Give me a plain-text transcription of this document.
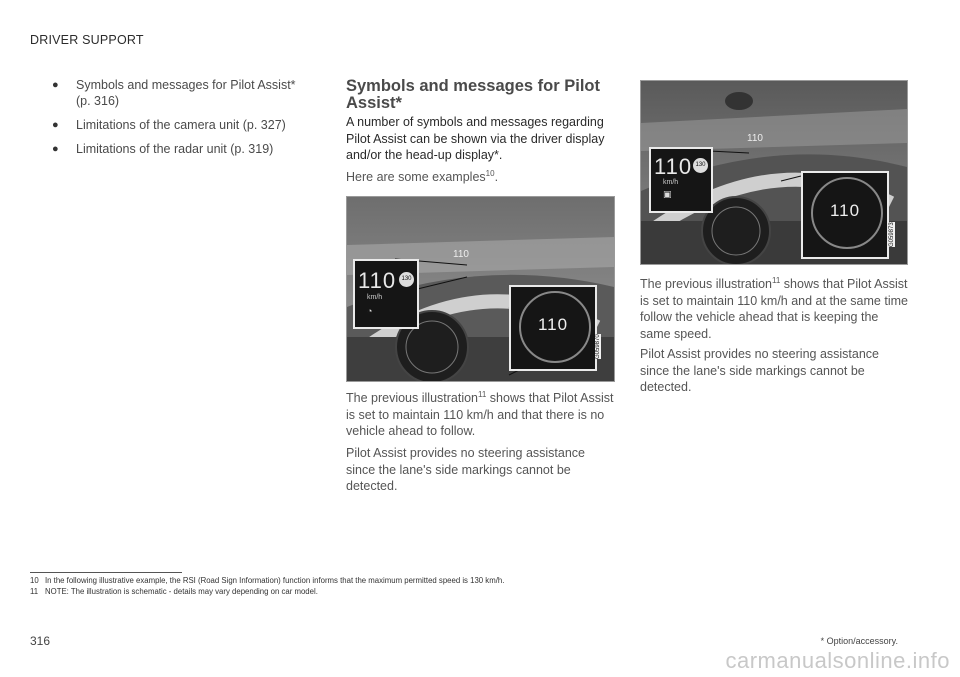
DRIVER SUPPORT
● Symbols and messages for Pilot Assist* (p. 316)
● Limitations of the camera unit (p. 327)
● Limitations of the radar unit (p. 319)
Symbols and messages for Pilot Assist*

A number of symbols and messages regarding Pilot Assist can be shown via the driver display and/or the head-up display*.

Here are some examples$^{10}$.

110
110 130
km/h
◔
110
G059870

The previous illustration$^{11}$ shows that Pilot Assist is set to maintain 110 km/h and that there is no vehicle ahead to follow.

Pilot Assist provides no steering assistance since the lane's side markings cannot be detected.

110
110 130
km/h
▣
110
G059873

The previous illustration$^{11}$ shows that Pilot Assist is set to maintain 110 km/h and at the same time follow the vehicle ahead that is keeping the same speed.

Pilot Assist provides no steering assistance since the lane's side markings cannot be detected.

10 In the following illustrative example, the RSI (Road Sign Information) function informs that the maximum permitted speed is 130 km/h.
11 NOTE: The illustration is schematic - details may vary depending on car model.
* Option/accessory.
316
carmanualsonline.info
